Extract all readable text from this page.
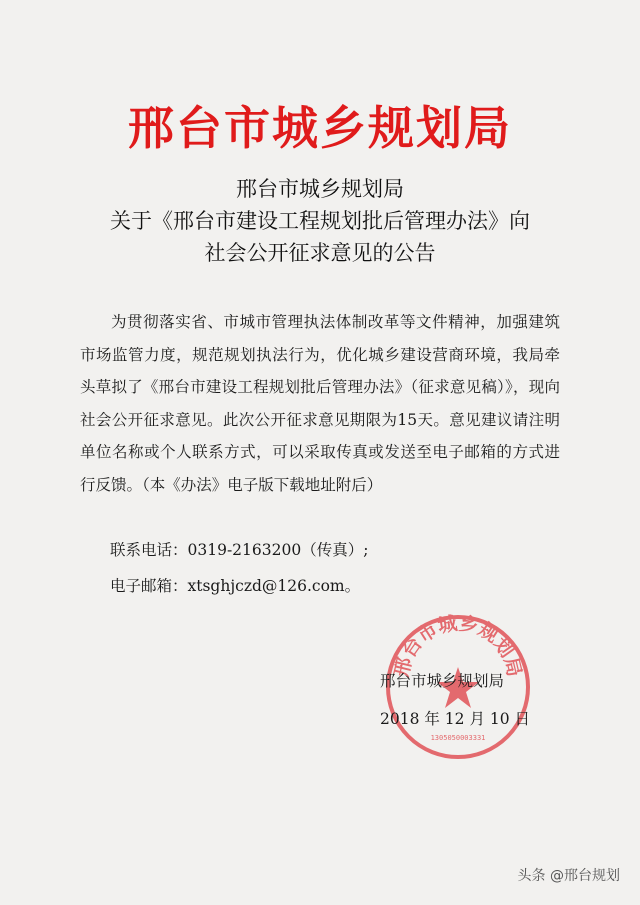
邢台市城乡规划局
邢台市城乡规划局
关于《邢台市建设工程规划批后管理办法》向
社会公开征求意见的公告

为贯彻落实省、市城市管理执法体制改革等文件精神，加强建筑市场监管力度，规范规划执法行为，优化城乡建设营商环境，我局牵头草拟了《邢台市建设工程规划批后管理办法》（征求意见稿）》，现向社会公开征求意见。此次公开征求意见期限为15天。意见建议请注明单位名称或个人联系方式，可以采取传真或发送至电子邮箱的方式进行反馈。（本《办法》电子版下载地址附后）

联系电话：0319-2163200（传真）;
电子邮箱：xtsghjczd@126.com。
邢台市城乡规划局
1305050003331
邢台市城乡规划局
2018 年 12 月 10 日
头条 @邢台规划
